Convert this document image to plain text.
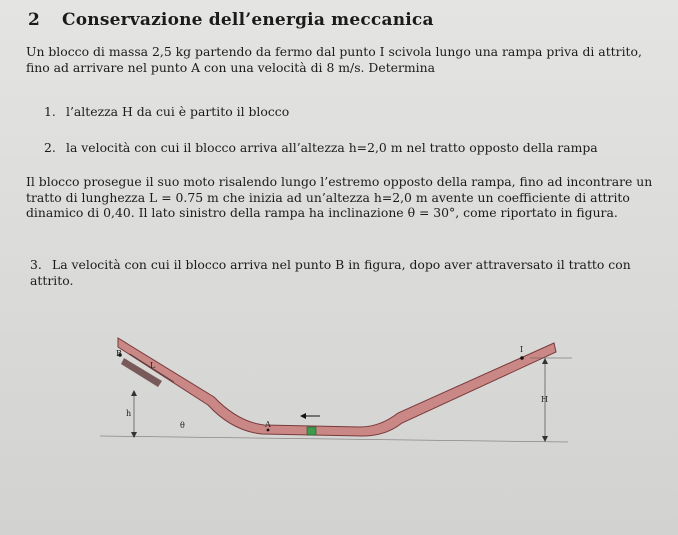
2 Conservazione dell’energia meccanica
Un blocco di massa 2,5 kg partendo da fermo dal punto I scivola lungo una rampa priva di attrito, fino ad arrivare nel punto A con una velocità di 8 m/s. Determina
1. l’altezza H da cui è partito il blocco
2. la velocità con cui il blocco arriva all’altezza h=2,0 m nel tratto opposto della rampa
Il blocco prosegue il suo moto risalendo lungo l’estremo opposto della rampa, fino ad incontrare un tratto di lunghezza L = 0.75 m che inizia ad un’altezza h=2,0 m avente un coefficiente di attrito dinamico di 0,40. Il lato sinistro della rampa ha inclinazione θ = 30°, come riportato in figura.
3. La velocità con cui il blocco arriva nel punto B in figura, dopo aver attraversato il tratto con attrito.
B
L
h
θ	A
I
H
